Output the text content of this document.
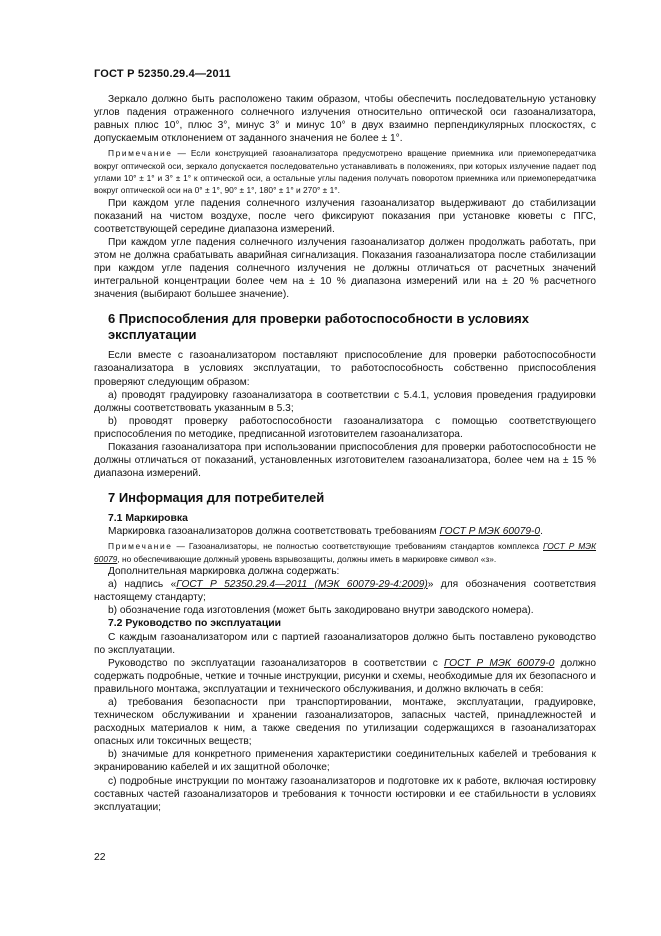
ГОСТ Р 52350.29.4—2011

Зеркало должно быть расположено таким образом, чтобы обеспечить последовательную установку углов падения отраженного солнечного излучения относительно оптической оси газоанализатора, равных плюс 10°, плюс 3°, минус 3° и минус 10° в двух взаимно перпендикулярных плоскостях, с допускаемым отклонением от заданного значения не более ± 1°.

Примечание — Если конструкцией газоанализатора предусмотрено вращение приемника или приемопередатчика вокруг оптической оси, зеркало допускается последовательно устанавливать в положениях, при которых излучение падает под углами 10° ± 1° и 3° ± 1° к оптической оси, а остальные углы падения получать поворотом приемника или приемопередатчика вокруг оптической оси на 0° ± 1°, 90° ± 1°, 180° ± 1° и 270° ± 1°.

При каждом угле падения солнечного излучения газоанализатор выдерживают до стабилизации показаний на чистом воздухе, после чего фиксируют показания при установке кюветы с ПГС, соответствующей середине диапазона измерений.

При каждом угле падения солнечного излучения газоанализатор должен продолжать работать, при этом не должна срабатывать аварийная сигнализация. Показания газоанализатора после стабилизации при каждом угле падения солнечного излучения не должны отличаться от расчетных значений интегральной концентрации более чем на ± 10 % диапазона измерений или на ± 20 % расчетного значения (выбирают большее значение).

6 Приспособления для проверки работоспособности в условиях эксплуатации

Если вместе с газоанализатором поставляют приспособление для проверки работоспособности газоанализатора в условиях эксплуатации, то работоспособность собственно приспособления проверяют следующим образом:

a) проводят градуировку газоанализатора в соответствии с 5.4.1, условия проведения градуировки должны соответствовать указанным в 5.3;

b) проводят проверку работоспособности газоанализатора с помощью соответствующего приспособления по методике, предписанной изготовителем газоанализатора.

Показания газоанализатора при использовании приспособления для проверки работоспособности не должны отличаться от показаний, установленных изготовителем газоанализатора, более чем на ± 15 % диапазона измерений.

7 Информация для потребителей
7.1 Маркировка

Маркировка газоанализаторов должна соответствовать требованиям ГОСТ Р МЭК 60079-0.

Примечание — Газоанализаторы, не полностью соответствующие требованиям стандартов комплекса ГОСТ Р МЭК 60079, но обеспечивающие должный уровень взрывозащиты, должны иметь в маркировке символ «з».

Дополнительная маркировка должна содержать:

a) надпись «ГОСТ Р 52350.29.4—2011 (МЭК 60079-29-4:2009)» для обозначения соответствия настоящему стандарту;

b) обозначение года изготовления (может быть закодировано внутри заводского номера).

7.2 Руководство по эксплуатации

С каждым газоанализатором или с партией газоанализаторов должно быть поставлено руководство по эксплуатации.

Руководство по эксплуатации газоанализаторов в соответствии с ГОСТ Р МЭК 60079-0 должно содержать подробные, четкие и точные инструкции, рисунки и схемы, необходимые для их безопасного и правильного монтажа, эксплуатации и технического обслуживания, и должно включать в себя:

a) требования безопасности при транспортировании, монтаже, эксплуатации, градуировке, техническом обслуживании и хранении газоанализаторов, запасных частей, принадлежностей и расходных материалов к ним, а также сведения по утилизации содержащихся в газоанализаторах опасных или токсичных веществ;

b) значимые для конкретного применения характеристики соединительных кабелей и требования к экранированию кабелей и их защитной оболочке;

c) подробные инструкции по монтажу газоанализаторов и подготовке их к работе, включая юстировку составных частей газоанализаторов и требования к точности юстировки и ее стабильности в условиях эксплуатации;

22
